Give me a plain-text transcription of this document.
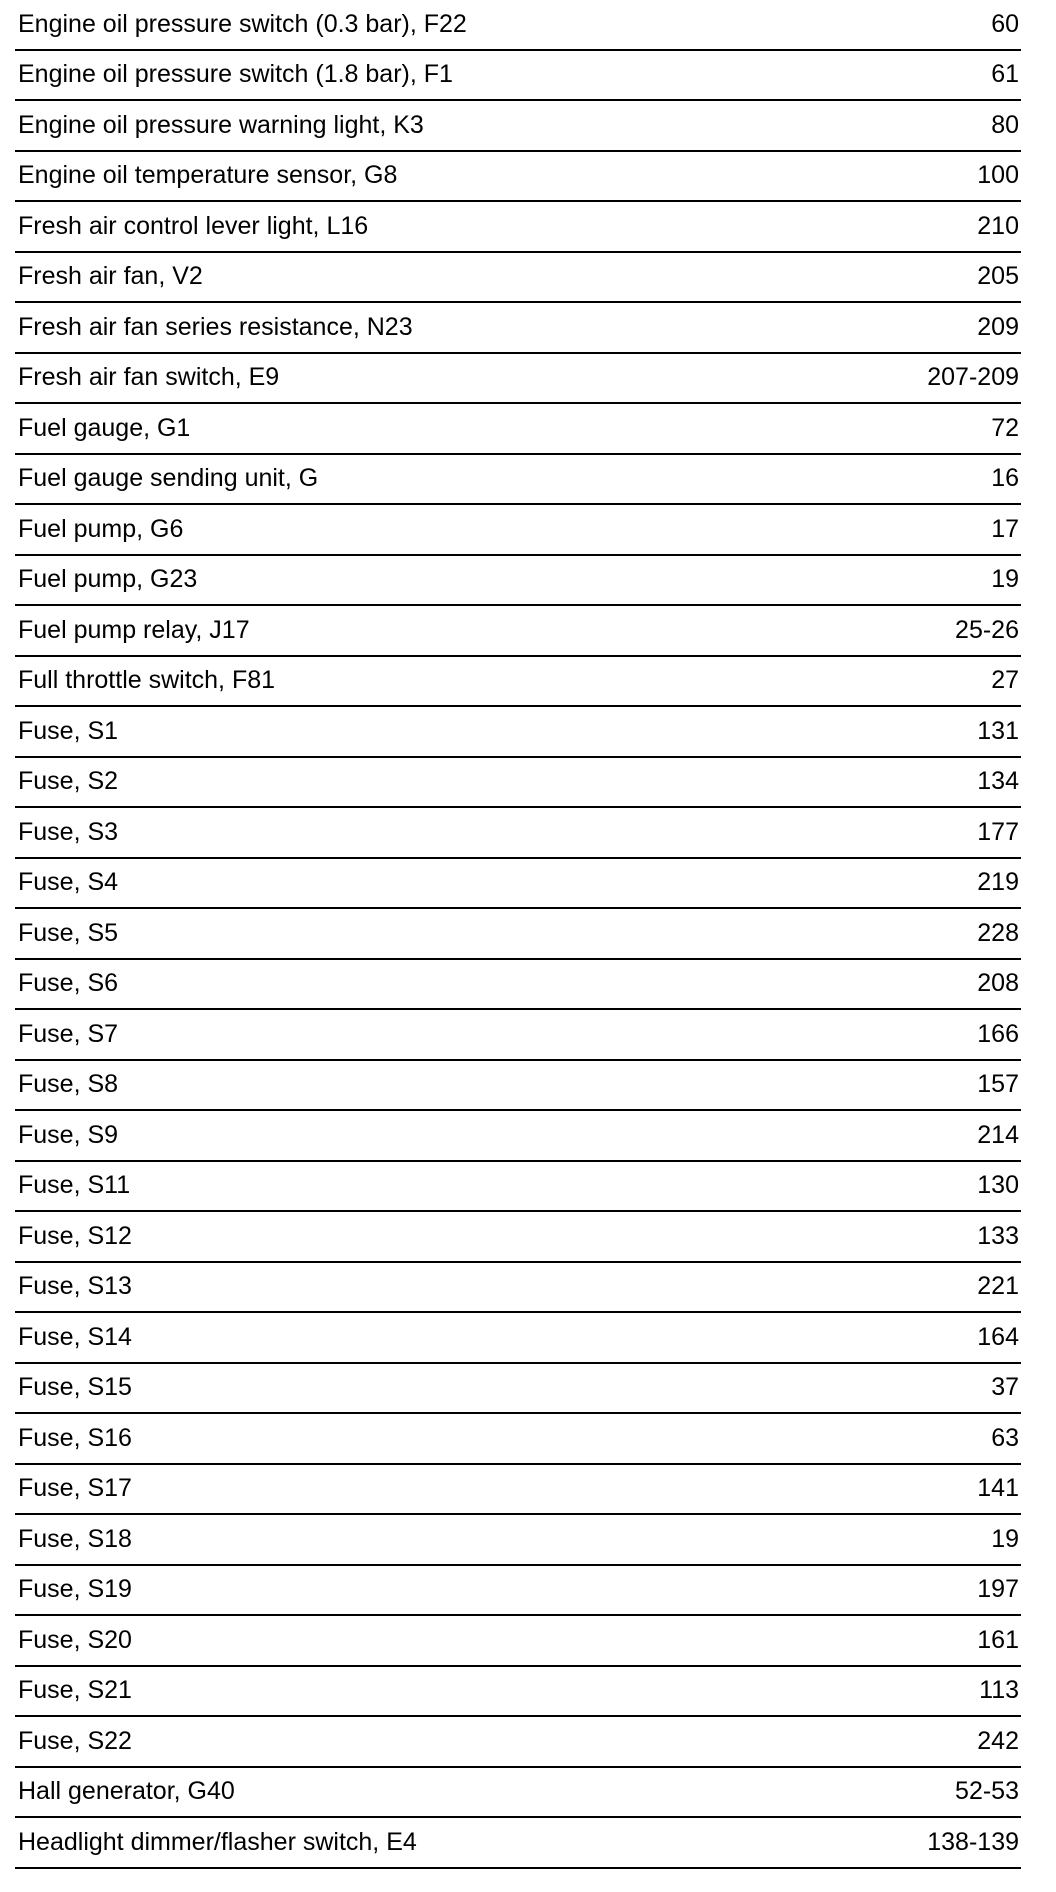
Engine oil pressure switch (0.3 bar), F22	60
Engine oil pressure switch (1.8 bar), F1	61
Engine oil pressure warning light, K3	80
Engine oil temperature sensor, G8	100
Fresh air control lever light, L16	210
Fresh air fan, V2	205
Fresh air fan series resistance, N23	209
Fresh air fan switch, E9	207-209
Fuel gauge, G1	72
Fuel gauge sending unit, G	16
Fuel pump, G6	17
Fuel pump, G23	19
Fuel pump relay, J17	25-26
Full throttle switch, F81	27
Fuse, S1	131
Fuse, S2	134
Fuse, S3	177
Fuse, S4	219
Fuse, S5	228
Fuse, S6	208
Fuse, S7	166
Fuse, S8	157
Fuse, S9	214
Fuse, S11	130
Fuse, S12	133
Fuse, S13	221
Fuse, S14	164
Fuse, S15	37
Fuse, S16	63
Fuse, S17	141
Fuse, S18	19
Fuse, S19	197
Fuse, S20	161
Fuse, S21	113
Fuse, S22	242
Hall generator, G40	52-53
Headlight dimmer/flasher switch, E4	138-139
